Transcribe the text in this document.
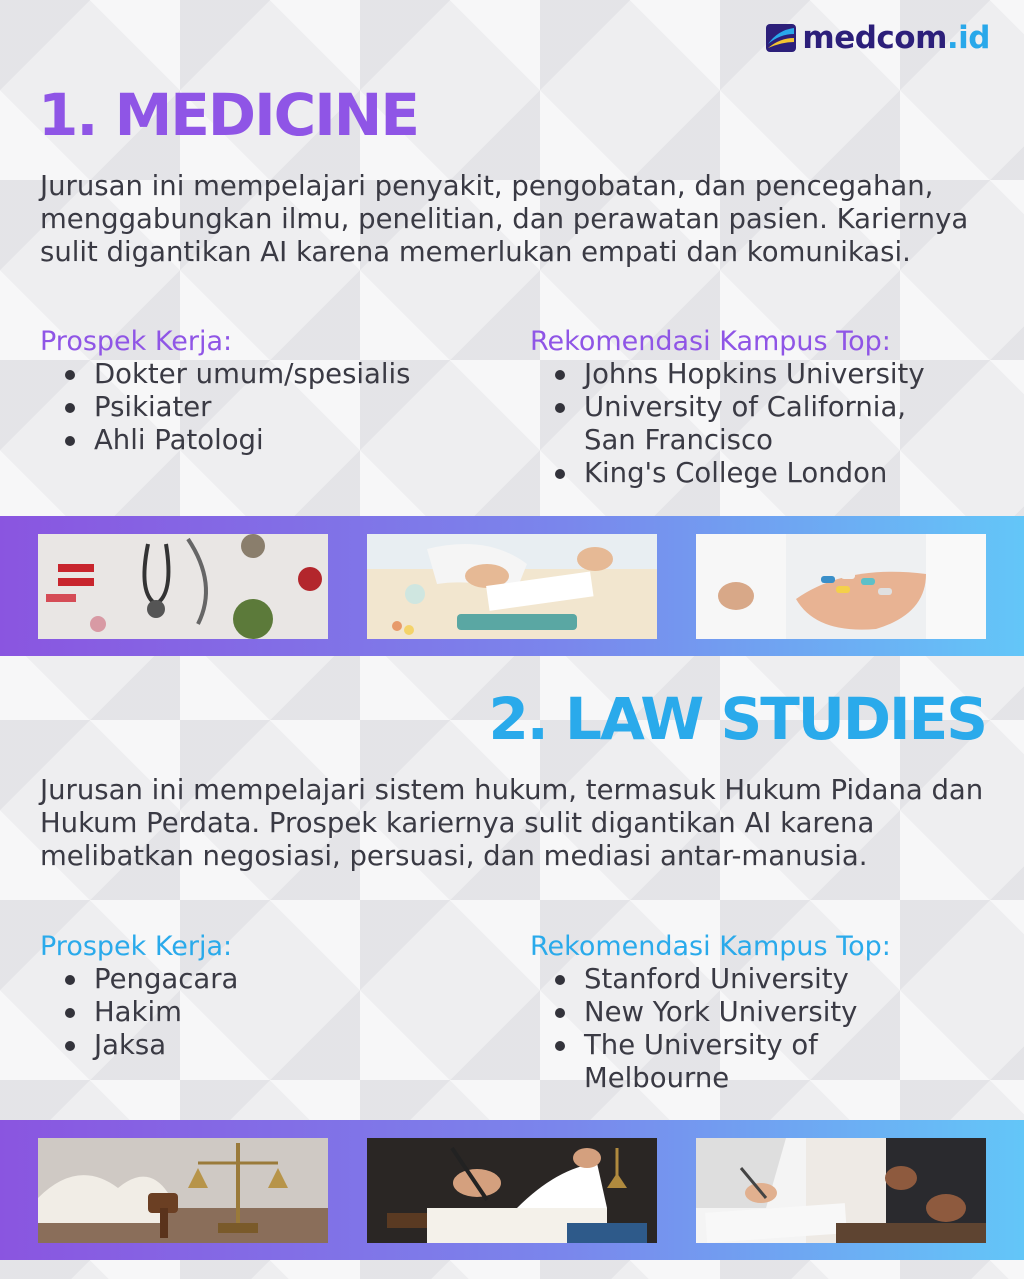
medcom.id
1. MEDICINE

Jurusan ini mempelajari penyakit, pengobatan, dan pencegahan, menggabungkan ilmu, penelitian, dan perawatan pasien. Kariernya sulit digantikan AI karena memerlukan empati dan komunikasi.

Prospek Kerja:

Dokter umum/spesialis
Psikiater
Ahli Patologi

Rekomendasi Kampus Top:

Johns Hopkins University
University of California, San Francisco
King's College London
2. LAW STUDIES

Jurusan ini mempelajari sistem hukum, termasuk Hukum Pidana dan Hukum Perdata. Prospek kariernya sulit digantikan AI karena melibatkan negosiasi, persuasi, dan mediasi antar-manusia.

Prospek Kerja:

Pengacara
Hakim
Jaksa

Rekomendasi Kampus Top:

Stanford University
New York University
The University of Melbourne
